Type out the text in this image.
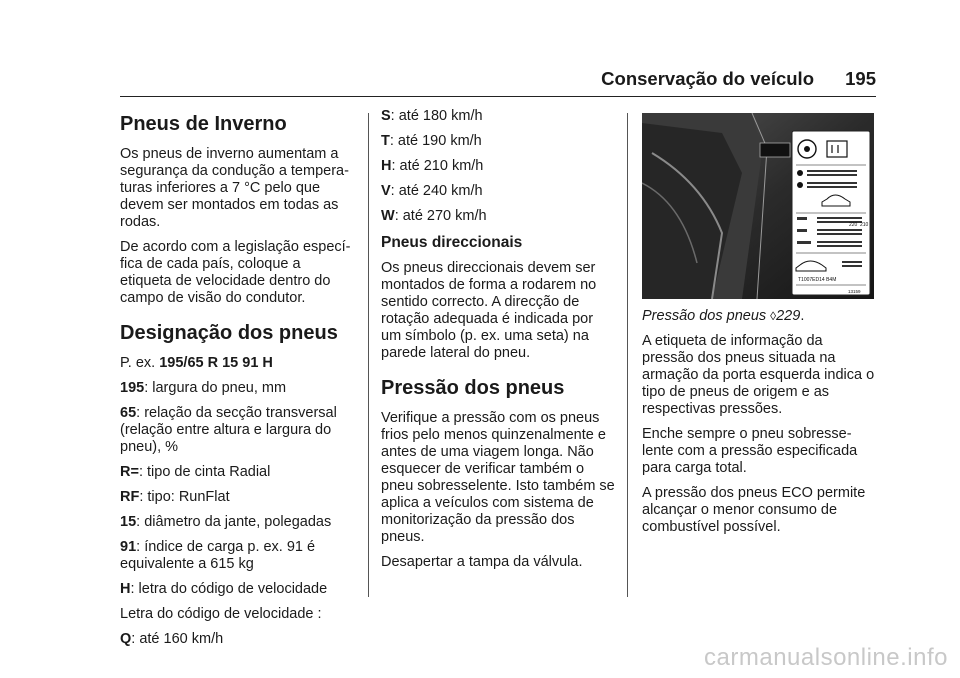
Conservação do veículo 195
Pneus de Inverno

Os pneus de inverno aumentam a
segurança da condução a tempera-
turas inferiores a 7 °C pelo que
devem ser montados em todas as
rodas.

De acordo com a legislação especí-
fica de cada país, coloque a
etiqueta de velocidade dentro do
campo de visão do condutor.

Designação dos pneus

P. ex. 195/65 R 15 91 H

195: largura do pneu, mm

65: relação da secção transversal
(relação entre altura e largura do
pneu), %

R=: tipo de cinta Radial

RF: tipo: RunFlat

15: diâmetro da jante, polegadas

91: índice de carga p. ex. 91 é
equivalente a 615 kg

H: letra do código de velocidade

Letra do código de velocidade :

Q: até 160 km/h

S: até 180 km/h

T: até 190 km/h

H: até 210 km/h

V: até 240 km/h

W: até 270 km/h

Pneus direccionais

Os pneus direccionais devem ser
montados de forma a rodarem no
sentido correcto. A direcção de
rotação adequada é indicada por
um símbolo (p. ex. uma seta) na
parede lateral do pneu.

Pressão dos pneus

Verifique a pressão com os pneus
frios pelo menos quinzenalmente e
antes de uma viagem longa. Não
esquecer de verificar também o
pneu sobresselente. Isto também se
aplica a veículos com sistema de
monitorização da pressão dos
pneus.

Desapertar a tampa da válvula.

220 210
T1007ED14 B4M
13159

Pressão dos pneus ◊229.

A etiqueta de informação da
pressão dos pneus situada na
armação da porta esquerda indica o
tipo de pneus de origem e as
respectivas pressões.

Enche sempre o pneu sobresse-
lente com a pressão especificada
para carga total.

A pressão dos pneus ECO permite
alcançar o menor consumo de
combustível possível.

carmanualsonline.info
